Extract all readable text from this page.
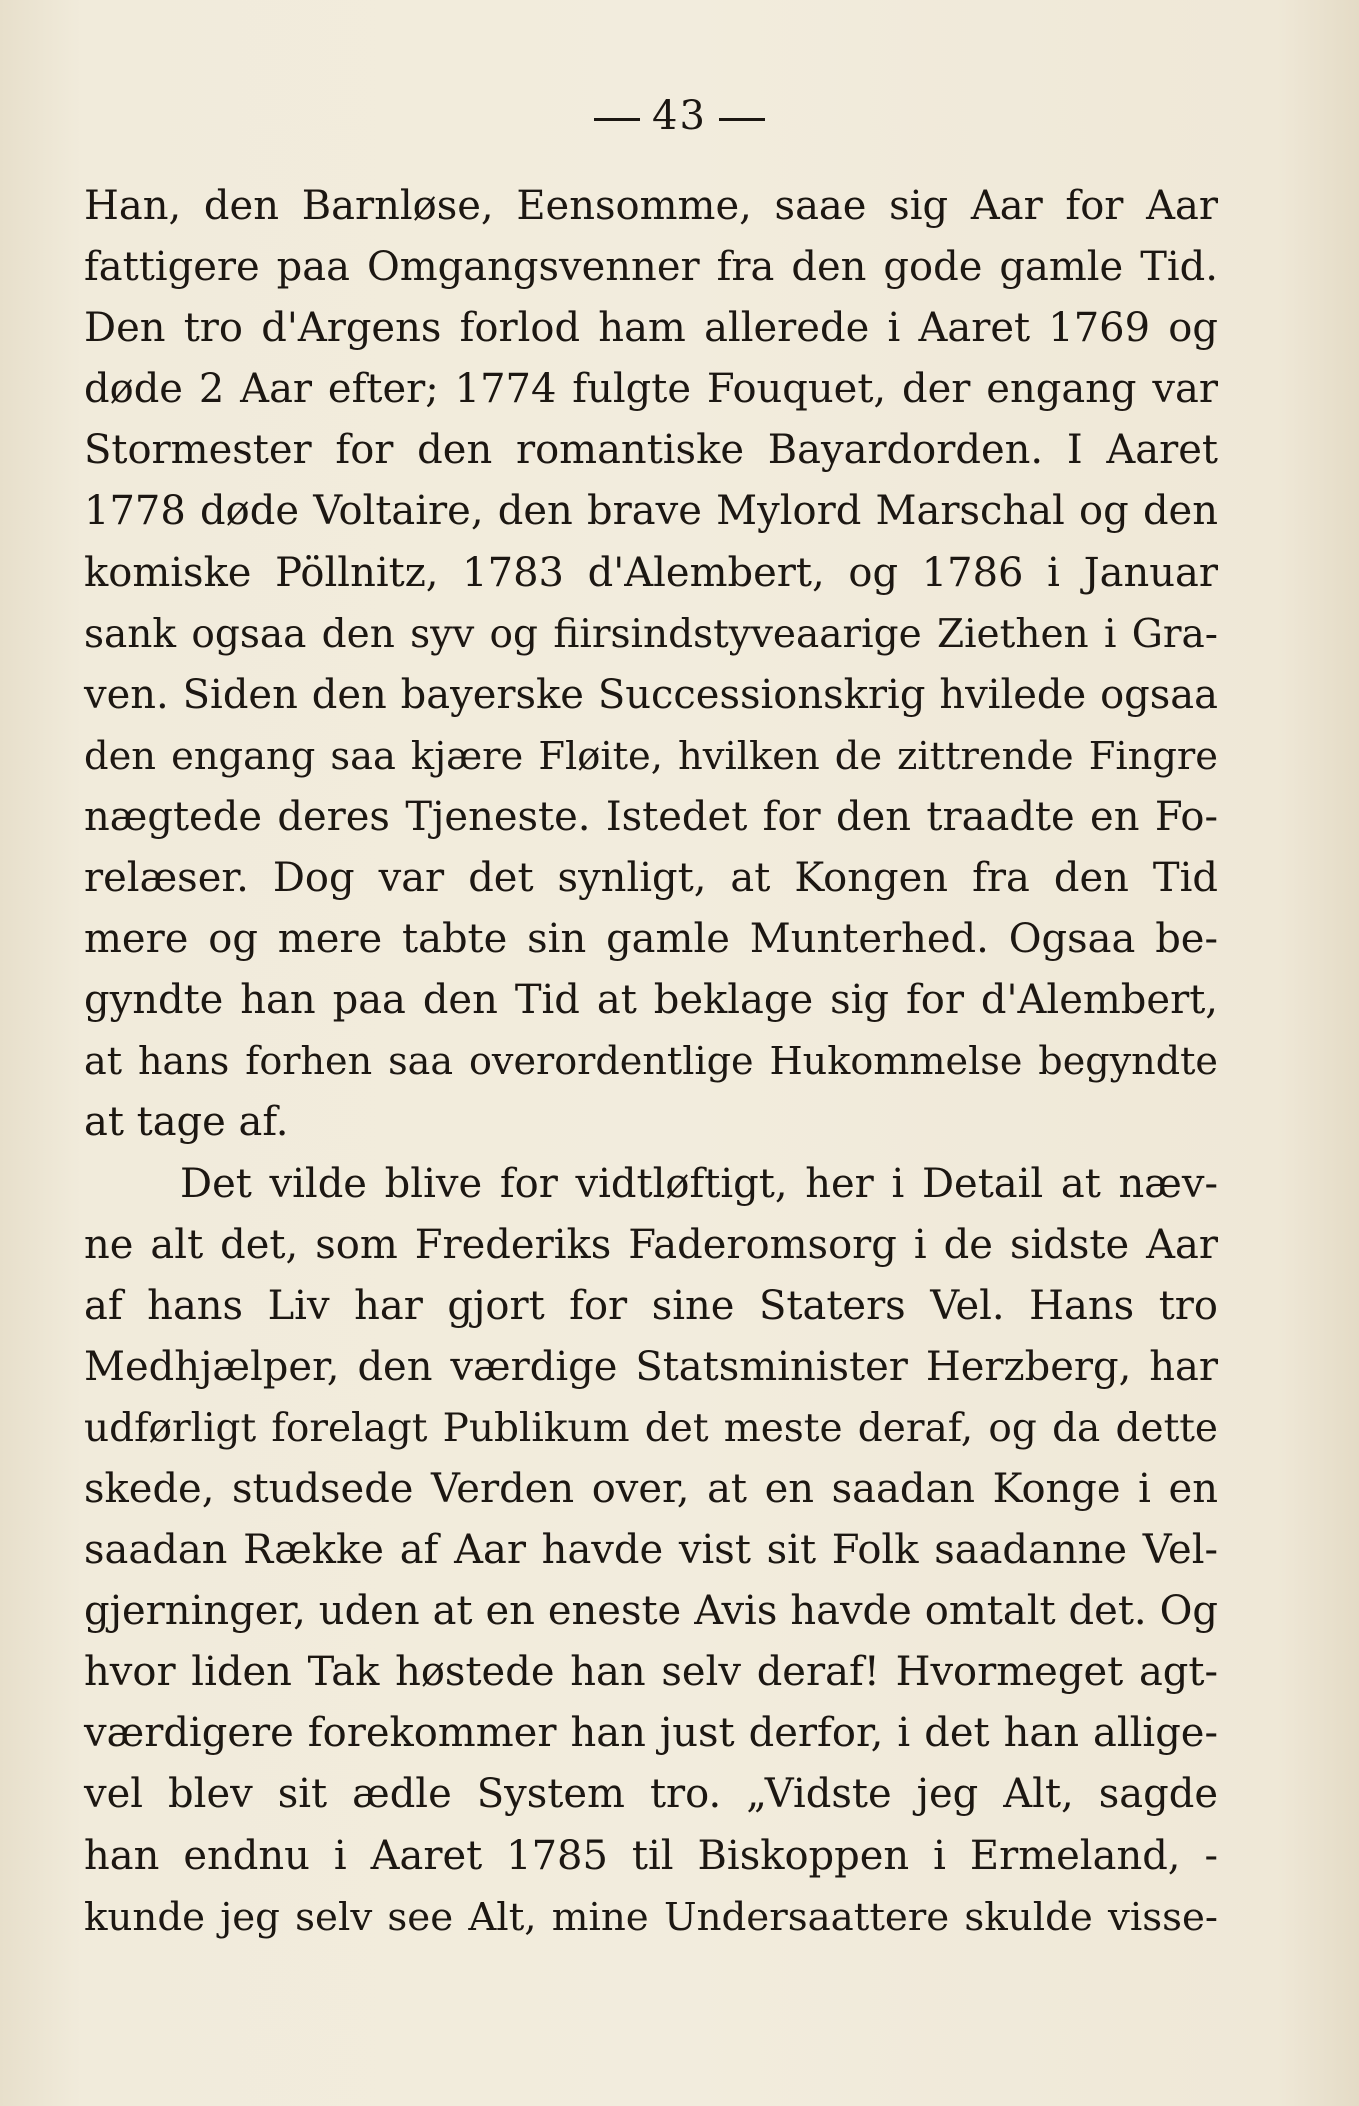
43
Han, den Barnløse, Eensomme, saae sig Aar for Aar
fattigere paa Omgangsvenner fra den gode gamle Tid.
Den tro d'Argens forlod ham allerede i Aaret 1769 og
døde 2 Aar efter; 1774 fulgte Fouquet, der engang var
Stormester for den romantiske Bayardorden. I Aaret
1778 døde Voltaire, den brave Mylord Marschal og den
komiske Pöllnitz, 1783 d'Alembert, og 1786 i Januar
sank ogsaa den syv og fiirsindstyveaarige Ziethen i Gra-
ven. Siden den bayerske Successionskrig hvilede ogsaa
den engang saa kjære Fløite, hvilken de zittrende Fingre
nægtede deres Tjeneste. Istedet for den traadte en Fo-
relæser. Dog var det synligt, at Kongen fra den Tid
mere og mere tabte sin gamle Munterhed. Ogsaa be-
gyndte han paa den Tid at beklage sig for d'Alembert,
at hans forhen saa overordentlige Hukommelse begyndte
at tage af.
Det vilde blive for vidtløftigt, her i Detail at næv-
ne alt det, som Frederiks Faderomsorg i de sidste Aar
af hans Liv har gjort for sine Staters Vel. Hans tro
Medhjælper, den værdige Statsminister Herzberg, har
udførligt forelagt Publikum det meste deraf, og da dette
skede, studsede Verden over, at en saadan Konge i en
saadan Række af Aar havde vist sit Folk saadanne Vel-
gjerninger, uden at en eneste Avis havde omtalt det. Og
hvor liden Tak høstede han selv deraf! Hvormeget agt-
værdigere forekommer han just derfor, i det han allige-
vel blev sit ædle System tro. „Vidste jeg Alt, sagde
han endnu i Aaret 1785 til Biskoppen i Ermeland, -
kunde jeg selv see Alt, mine Undersaattere skulde visse-
